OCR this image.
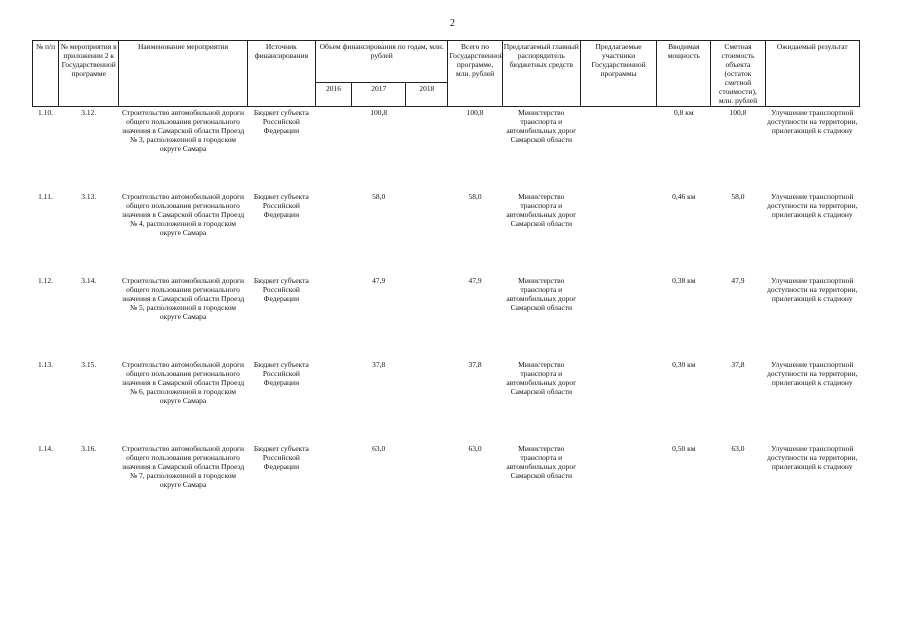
2
№ п/п	№ мероприятия в приложении 2 к Государственной программе	Наименование мероприятия	Источник финансирования	Объем финансирования по годам, млн. рублей			Всего по Государственной программе, млн. рублей	Предлагаемый главный распорядитель бюджетных средств	Предлагаемые участники Государственной программы	Вводимая мощность	Сметная стоимость объекта (остаток сметной стоимости), млн. рублей	Ожидаемый результат
				2016	2017	2018						
1.10.	3.12.	Строительство автомобильной дороги общего пользования регионального значения в Самарской области Проезд № 3, расположенной в городском округе Самара	Бюджет субъекта Российской Федерации		100,8		100,8	Министерство транспорта и автомобильных дорог Самарской области		0,8 км	100,8	Улучшение транспортной доступности на территории, прилегающей к стадиону
1.11.	3.13.	Строительство автомобильной дороги общего пользования регионального значения в Самарской области Проезд № 4, расположенной в городском округе Самара	Бюджет субъекта Российской Федерации		58,0		58,0	Министерство транспорта и автомобильных дорог Самарской области		0,46 км	58,0	Улучшение транспортной доступности на территории, прилегающей к стадиону
1.12.	3.14.	Строительство автомобильной дороги общего пользования регионального значения в Самарской области Проезд № 5, расположенной в городском округе Самара	Бюджет субъекта Российской Федерации		47,9		47,9	Министерство транспорта и автомобильных дорог Самарской области		0,38 км	47,9	Улучшение транспортной доступности на территории, прилегающей к стадиону
1.13.	3.15.	Строительство автомобильной дороги общего пользования регионального значения в Самарской области Проезд № 6, расположенной в городском округе Самара	Бюджет субъекта Российской Федерации		37,8		37,8	Министерство транспорта и автомобильных дорог Самарской области		0,30 км	37,8	Улучшение транспортной доступности на территории, прилегающей к стадиону
1.14.	3.16.	Строительство автомобильной дороги общего пользования регионального значения в Самарской области Проезд № 7, расположенной в городском округе Самара	Бюджет субъекта Российской Федерации		63,0		63,0	Министерство транспорта и автомобильных дорог Самарской области		0,50 км	63,0	Улучшение транспортной доступности на территории, прилегающей к стадиону
